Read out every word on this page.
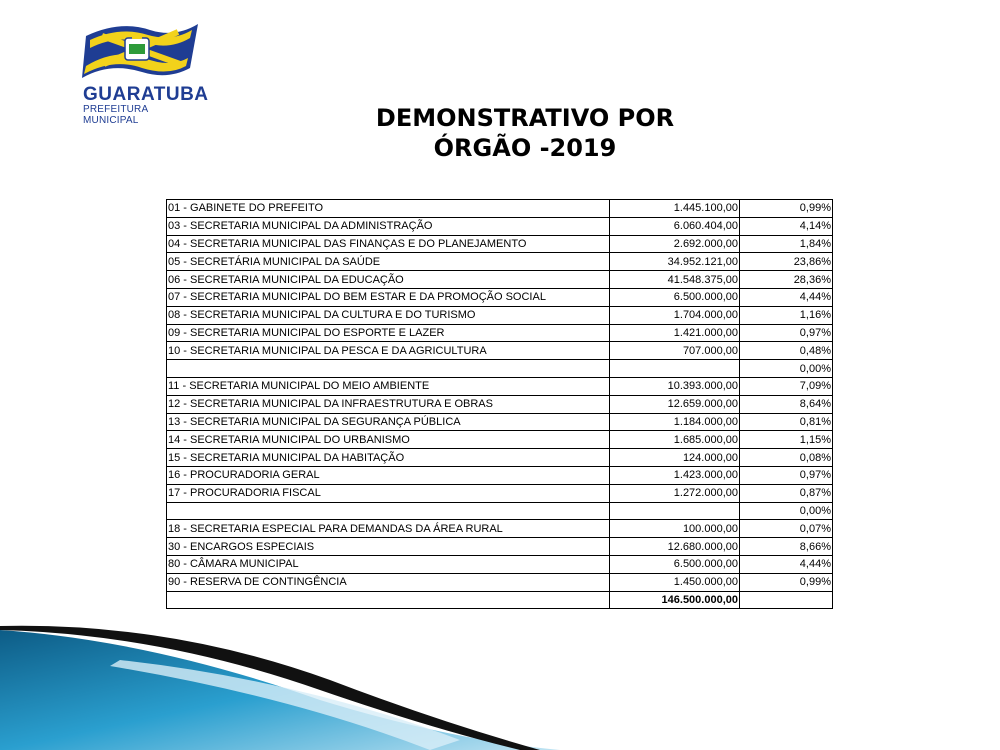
GUARATUBA
PREFEITURA MUNICIPAL	DEMONSTRATIVO POR
ÓRGÃO -2019
01 - GABINETE DO PREFEITO	1.445.100,00	0,99%
03 - SECRETARIA MUNICIPAL DA ADMINISTRAÇÃO	6.060.404,00	4,14%
04 - SECRETARIA MUNICIPAL DAS FINANÇAS E DO PLANEJAMENTO	2.692.000,00	1,84%
05 - SECRETÁRIA MUNICIPAL DA SAÚDE	34.952.121,00	23,86%
06 - SECRETARIA MUNICIPAL DA EDUCAÇÃO	41.548.375,00	28,36%
07 - SECRETARIA MUNICIPAL DO BEM ESTAR E DA PROMOÇÃO SOCIAL	6.500.000,00	4,44%
08 - SECRETARIA MUNICIPAL DA CULTURA E DO TURISMO	1.704.000,00	1,16%
09 - SECRETARIA MUNICIPAL DO ESPORTE E LAZER	1.421.000,00	0,97%
10 - SECRETARIA MUNICIPAL DA PESCA E DA AGRICULTURA	707.000,00	0,48%
		0,00%
11 - SECRETARIA MUNICIPAL DO MEIO AMBIENTE	10.393.000,00	7,09%
12 - SECRETARIA MUNICIPAL DA INFRAESTRUTURA E OBRAS	12.659.000,00	8,64%
13 - SECRETARIA MUNICIPAL DA SEGURANÇA PÚBLICA	1.184.000,00	0,81%
14 - SECRETARIA MUNICIPAL DO URBANISMO	1.685.000,00	1,15%
15 - SECRETARIA MUNICIPAL DA HABITAÇÃO	124.000,00	0,08%
16 - PROCURADORIA GERAL	1.423.000,00	0,97%
17 - PROCURADORIA FISCAL	1.272.000,00	0,87%
		0,00%
18 - SECRETARIA ESPECIAL PARA DEMANDAS DA ÁREA RURAL	100.000,00	0,07%
30 - ENCARGOS ESPECIAIS	12.680.000,00	8,66%
80 - CÂMARA MUNICIPAL	6.500.000,00	4,44%
90 - RESERVA DE CONTINGÊNCIA	1.450.000,00	0,99%
	146.500.000,00	
